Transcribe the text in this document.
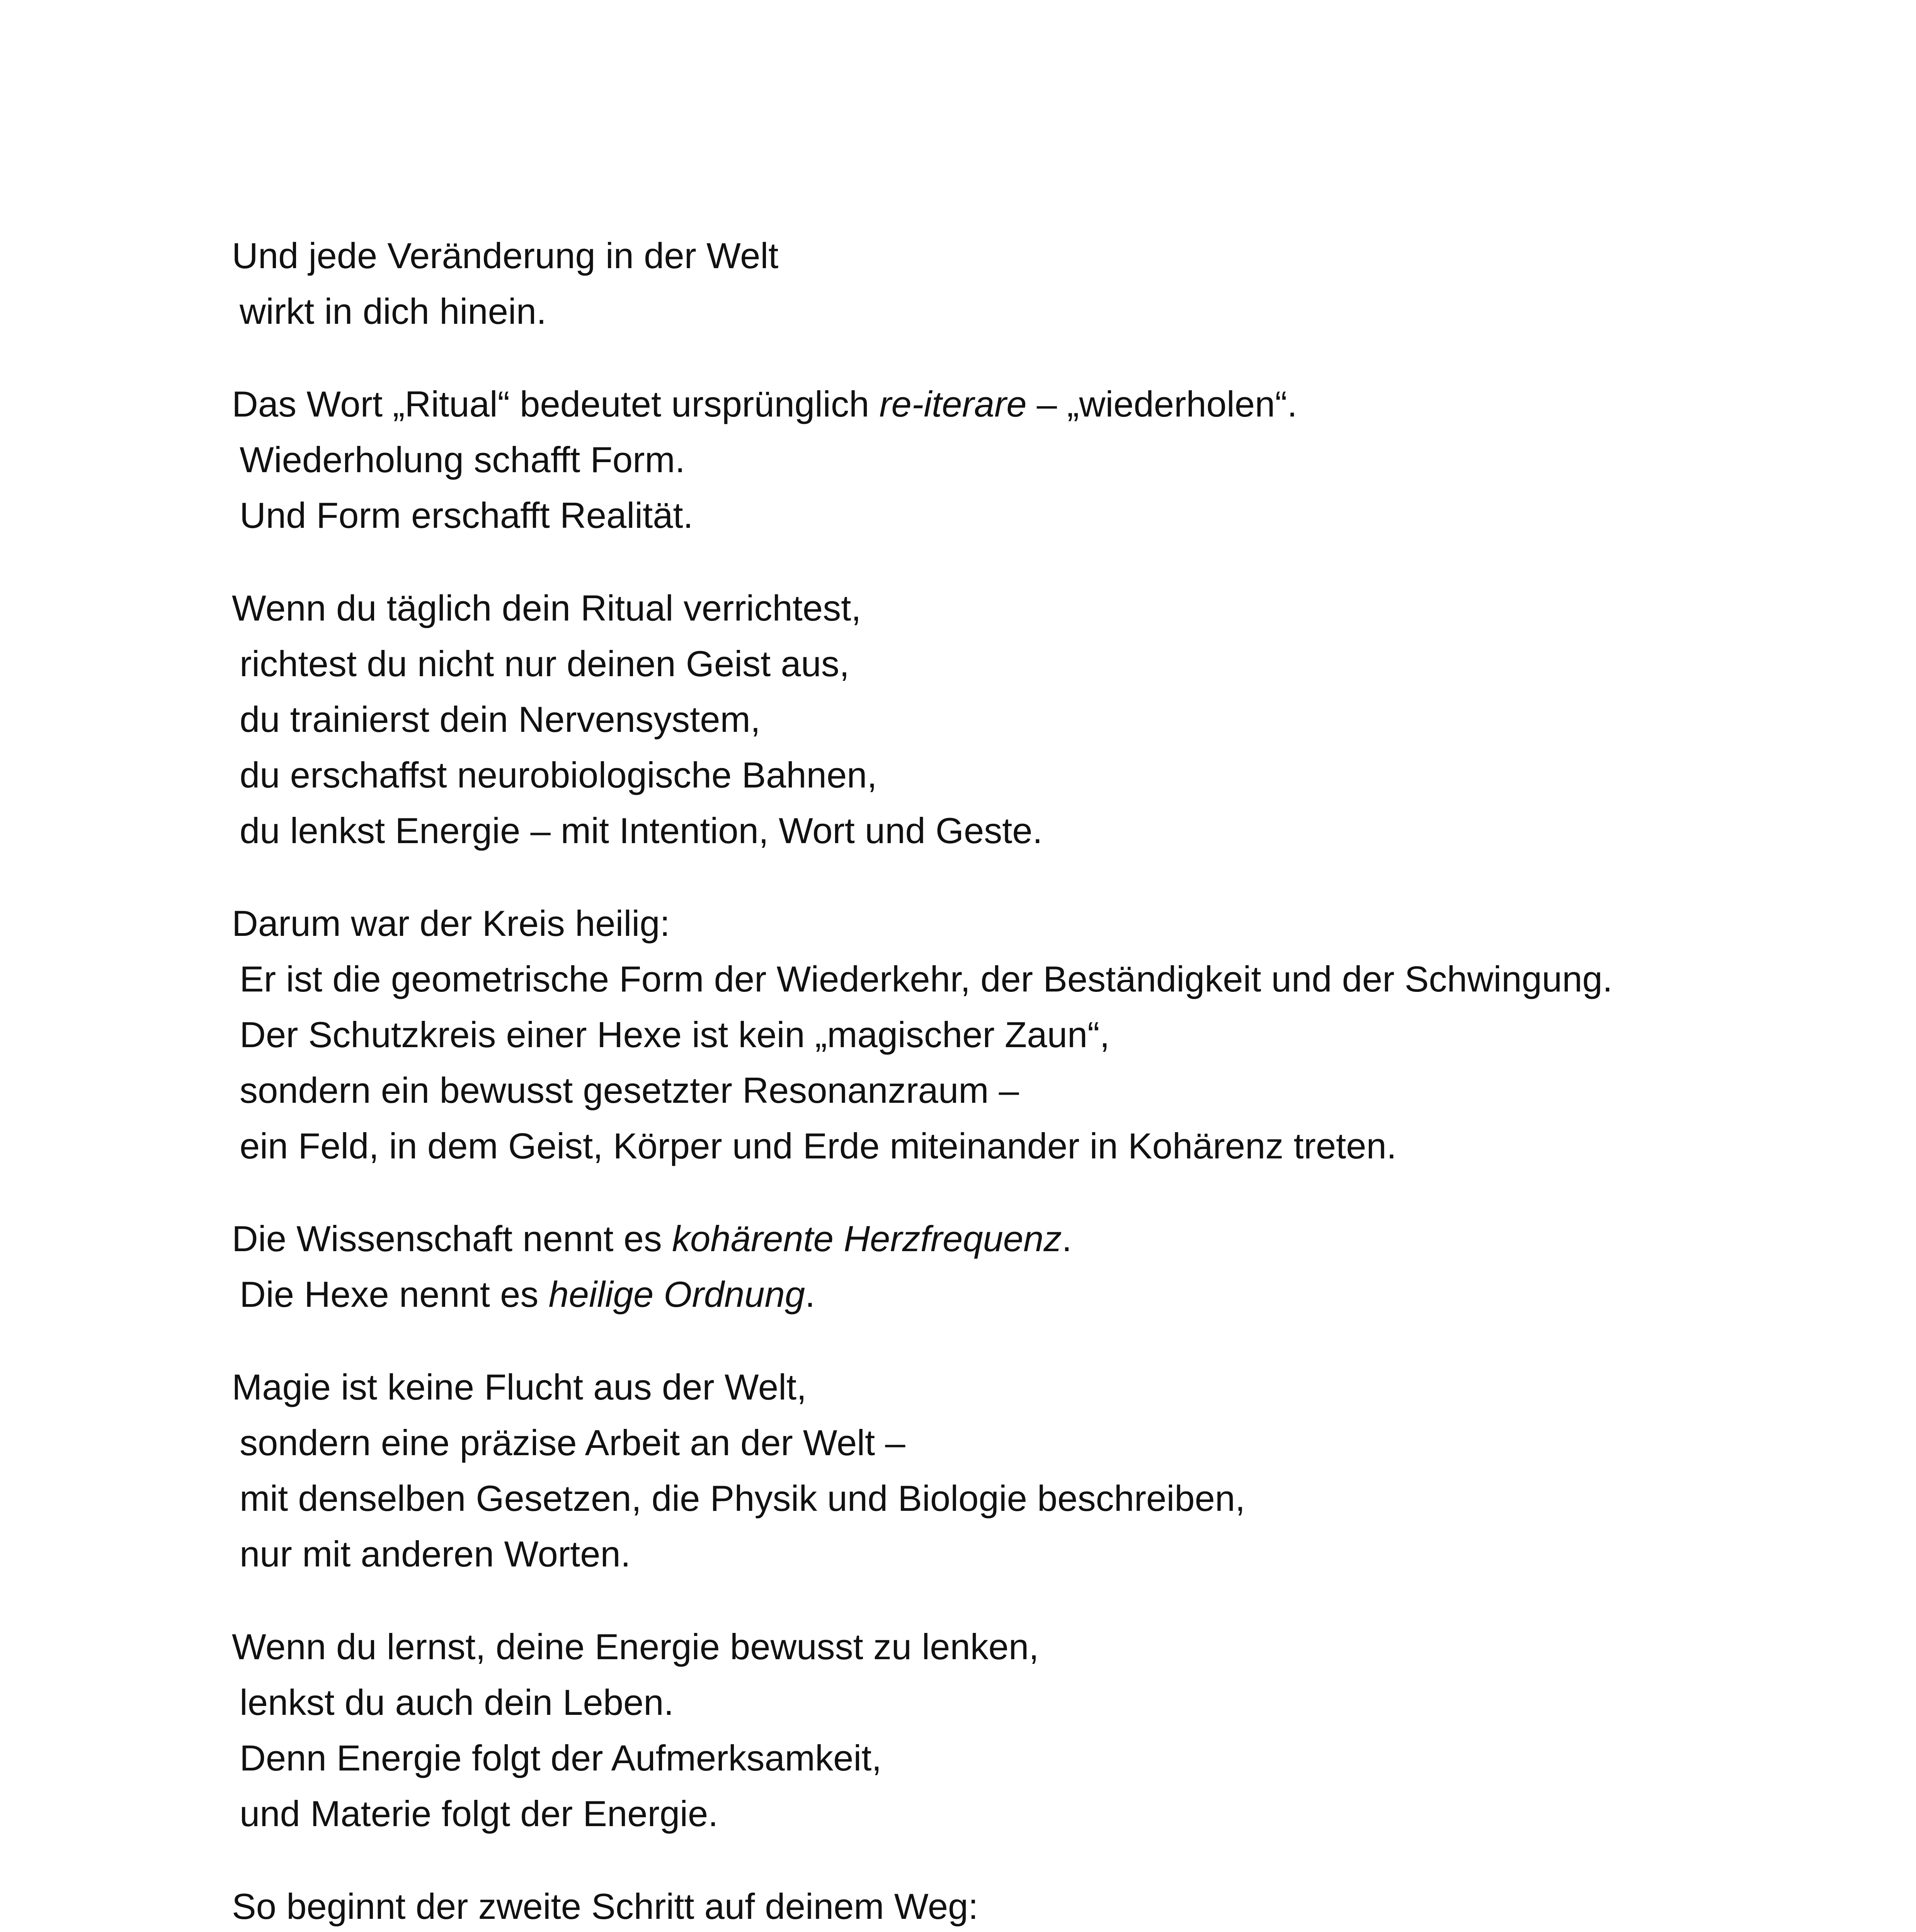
Und jede Veränderung in der Welt
wirkt in dich hinein.
Das Wort „Ritual“ bedeutet ursprünglich re-iterare – „wiederholen“.
Wiederholung schafft Form.
Und Form erschafft Realität.
Wenn du täglich dein Ritual verrichtest,
richtest du nicht nur deinen Geist aus,
du trainierst dein Nervensystem,
du erschaffst neurobiologische Bahnen,
du lenkst Energie – mit Intention, Wort und Geste.
Darum war der Kreis heilig:
Er ist die geometrische Form der Wiederkehr, der Beständigkeit und der Schwingung.
Der Schutzkreis einer Hexe ist kein „magischer Zaun“,
sondern ein bewusst gesetzter Resonanzraum –
ein Feld, in dem Geist, Körper und Erde miteinander in Kohärenz treten.
Die Wissenschaft nennt es kohärente Herzfrequenz.
Die Hexe nennt es heilige Ordnung.
Magie ist keine Flucht aus der Welt,
sondern eine präzise Arbeit an der Welt –
mit denselben Gesetzen, die Physik und Biologie beschreiben,
nur mit anderen Worten.
Wenn du lernst, deine Energie bewusst zu lenken,
lenkst du auch dein Leben.
Denn Energie folgt der Aufmerksamkeit,
und Materie folgt der Energie.
So beginnt der zweite Schritt auf deinem Weg:
